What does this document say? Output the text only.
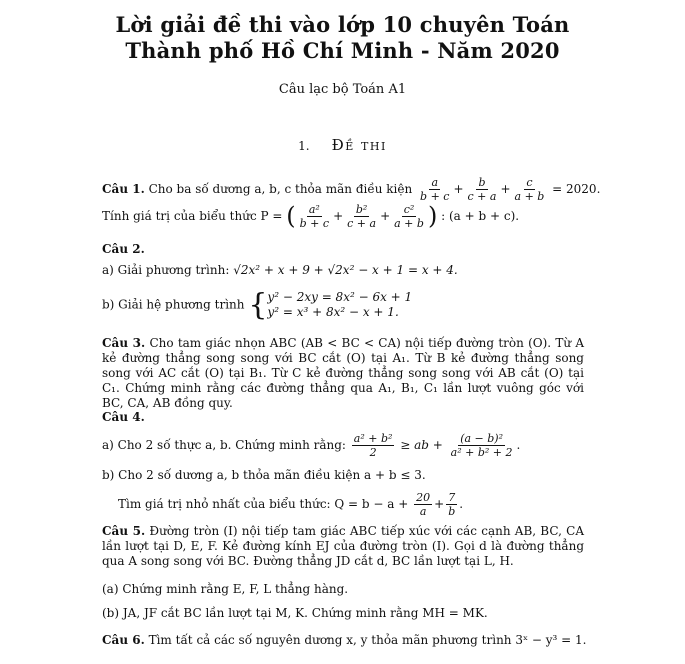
Lời giải đề thi vào lớp 10 chuyên Toán
Thành phố Hồ Chí Minh - Năm 2020
Câu lạc bộ Toán A1
1. Đề thi
Câu 1. Cho ba số dương a, b, c thỏa mãn điều kiện $\frac{a}{b + c} + \frac{b}{c + a} + \frac{c}{a + b} = 2020$.
Tính giá trị của biểu thức P = ( $\frac{\text{a²}}{b + c} + \frac{\text{b²}}{c + a} + \frac{\text{c²}}{a + b}$ ) : (a + b + c).
Câu 2.
a) Giải phương trình: √2x² + x + 9 + √2x² − x + 1 = x + 4.
b) Giải hệ phương trình { y² − 2xy = 8x² − 6x + 1
y² = x³ + 8x² − x + 1.
Câu 3. Cho tam giác nhọn ABC (AB < BC < CA) nội tiếp đường tròn (O). Từ A kẻ đường thẳng song song với BC cắt (O) tại A₁. Từ B kẻ đường thẳng song song với AC cắt (O) tại B₁. Từ C kẻ đường thẳng song song với AB cắt (O) tại C₁. Chứng minh rằng các đường thẳng qua A₁, B₁, C₁ lần lượt vuông góc với BC, CA, AB đồng quy.
Câu 4.
a) Cho 2 số thực a, b. Chứng minh rằng: $\frac{\text{a² + b²}}{2}$ ≥ ab + $\frac{\text{(a − b)²}}{\text{a² + b² + 2}}$ .
b) Cho 2 số dương a, b thỏa mãn điều kiện a + b ≤ 3.
Tìm giá trị nhỏ nhất của biểu thức: $Q = b - a + \frac{20}{a} + \frac{7}{b}$ .
Câu 5. Đường tròn (I) nội tiếp tam giác ABC tiếp xúc với các cạnh AB, BC, CA lần lượt tại D, E, F. Kẻ đường kính EJ của đường tròn (I). Gọi d là đường thẳng qua A song song với BC. Đường thẳng JD cắt d, BC lần lượt tại L, H.
(a) Chứng minh rằng E, F, L thẳng hàng.
(b) JA, JF cắt BC lần lượt tại M, K. Chứng minh rằng MH = MK.
Câu 6. Tìm tất cả các số nguyên dương x, y thỏa mãn phương trình 3ˣ − y³ = 1.
